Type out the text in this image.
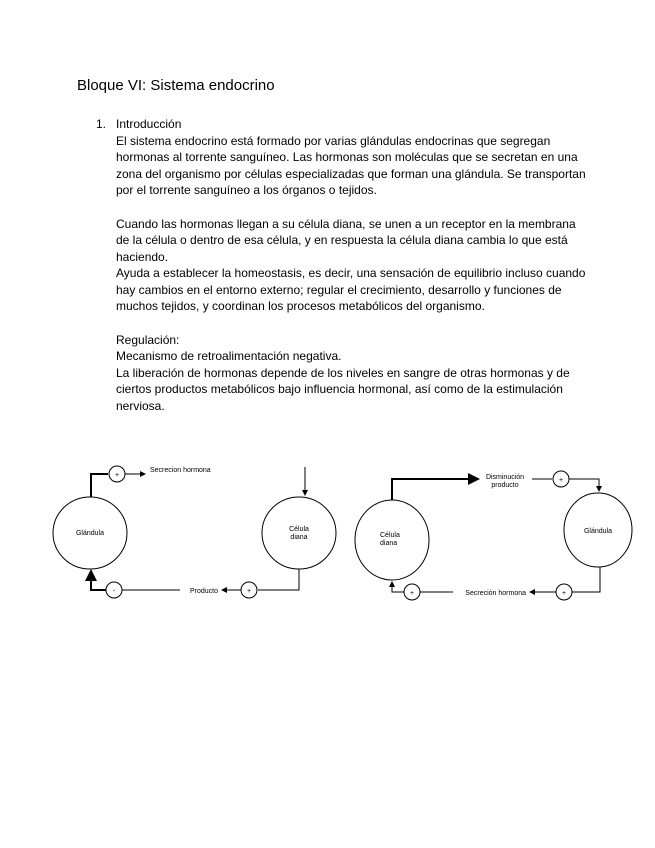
Bloque VI: Sistema endocrino
1. Introducción
El sistema endocrino está formado por varias glándulas endocrinas que segregan hormonas al torrente sanguíneo. Las hormonas son moléculas que se secretan en una zona del organismo por células especializadas que forman una glándula. Se transportan por el torrente sanguíneo a los órganos o tejidos.
Cuando las hormonas llegan a su célula diana, se unen a un receptor en la membrana de la célula o dentro de esa célula, y en respuesta la célula diana cambia lo que está haciendo.
Ayuda a establecer la homeostasis, es decir, una sensación de equilibrio incluso cuando hay cambios en el entorno externo; regular el crecimiento, desarrollo y funciones de muchos tejidos, y coordinan los procesos metabólicos del organismo.
Regulación:
Mecanismo de retroalimentación negativa.
La liberación de hormonas depende de los niveles en sangre de otras hormonas y de ciertos productos metabólicos bajo influencia hormonal, así como de la estimulación nerviosa.
Glándula
Célula
diana
+
Secrecion hormona
+
Producto
-
Célula
diana
Glándula
Disminución
producto
+
+
Secreción hormona
+
